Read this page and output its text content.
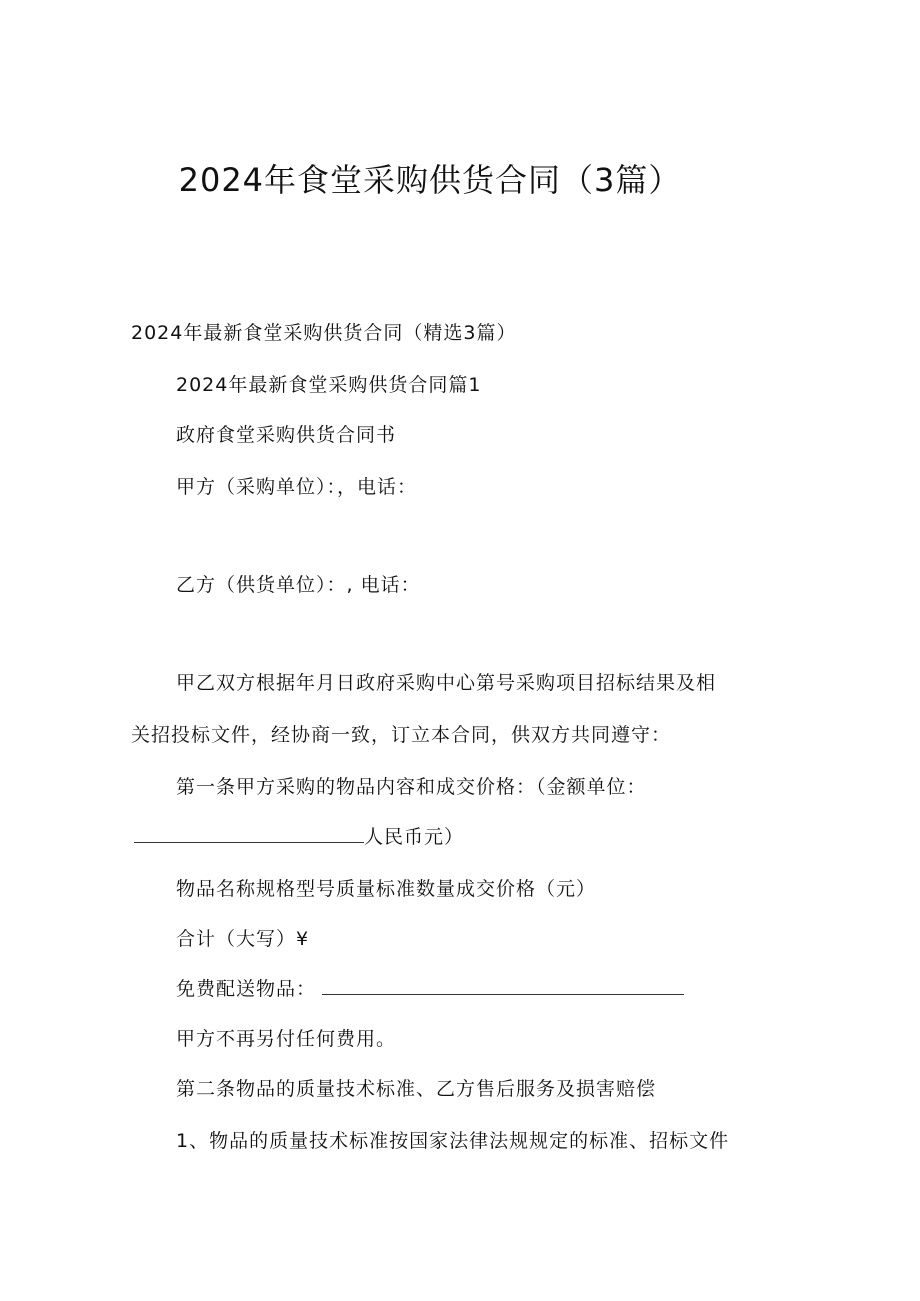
2024年食堂采购供货合同（3篇）
2024年最新食堂采购供货合同（精选3篇）
2024年最新食堂采购供货合同篇1
政府食堂采购供货合同书
甲方（采购单位）：，电话：
乙方（供货单位）：, 电话：
甲乙双方根据年月日政府采购中心第号采购项目招标结果及相
关招投标文件，经协商一致，订立本合同，供双方共同遵守：
第一条甲方采购的物品内容和成交价格：（金额单位：
人民币元）
物品名称规格型号质量标准数量成交价格（元）
合计（大写）¥
免费配送物品：
甲方不再另付任何费用。
第二条物品的质量技术标准、乙方售后服务及损害赔偿
1、物品的质量技术标准按国家法律法规规定的标准、招标文件
